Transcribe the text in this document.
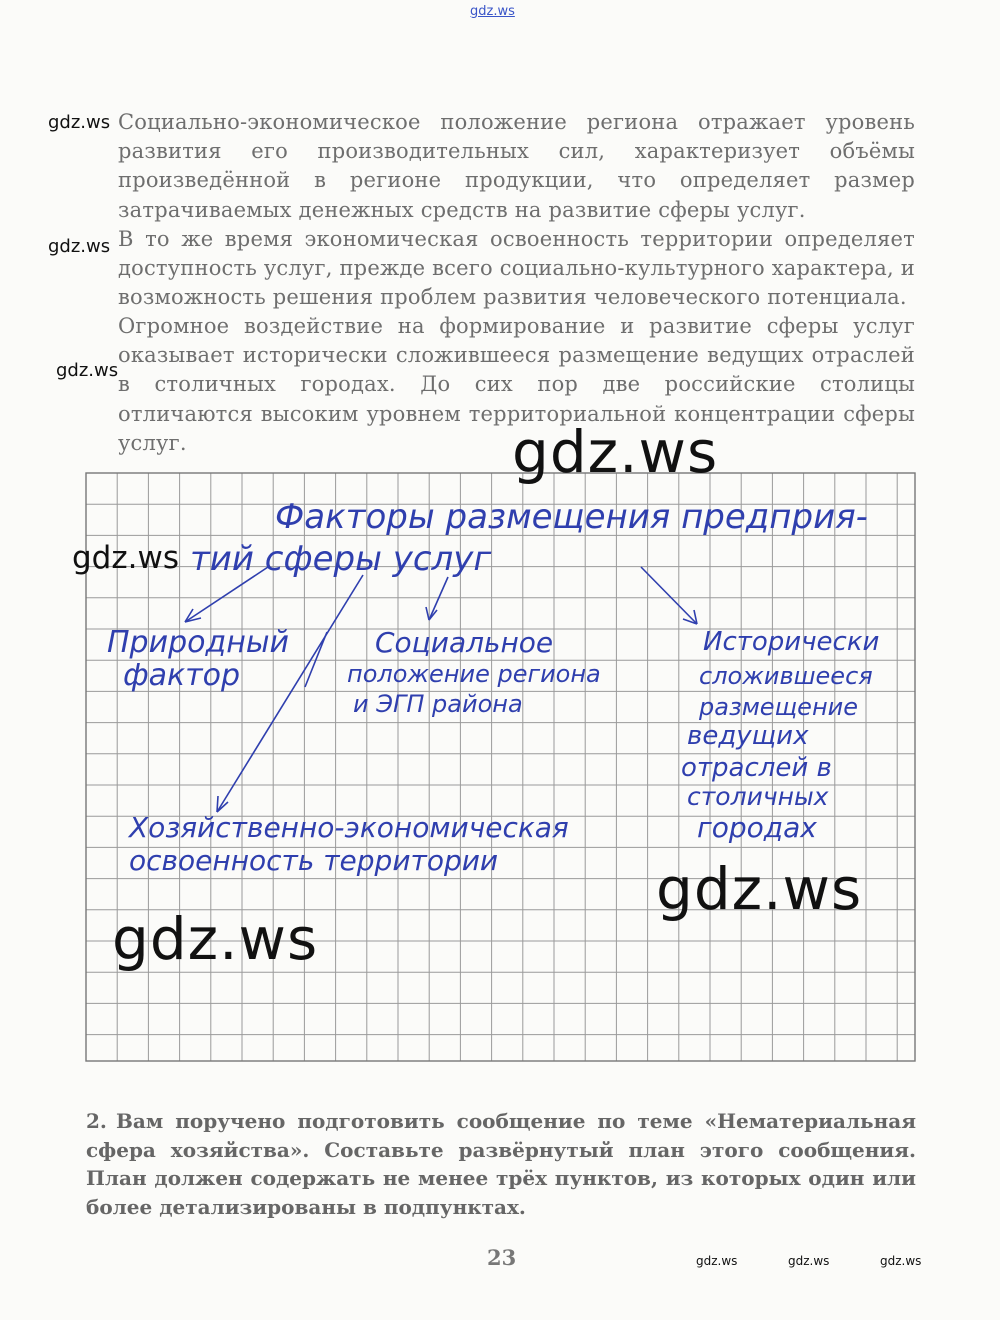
gdz.ws
gdz.ws
gdz.ws
gdz.ws

Социально-экономическое положение региона отражает уровень развития его производительных сил, характеризует объёмы произведённой в регионе продукции, что определяет размер затрачиваемых денежных средств на развитие сферы услуг.

В то же время экономическая освоенность территории определяет доступность услуг, прежде всего социально-культурного характера, и возможность решения проблем развития человеческого потенциала.

Огромное воздействие на формирование и развитие сферы услуг оказывает исторически сложившееся размещение ведущих отраслей в столичных городах. До сих пор две российские столицы отличаются высоким уровнем территориальной концентрации сферы услуг.

Факторы размещения предприя-
тий сферы услуг
Природный
фактор
Социальное
положение региона
и ЭГП района
Исторически
сложившееся
размещение
ведущих
отраслей в
столичных
городах
Хозяйственно-экономическая
освоенность территории
gdz.ws
gdz.ws
gdz.ws
gdz.ws

2. Вам поручено подготовить сообщение по теме «Нематериальная сфера хозяйства». Составьте развёрнутый план этого сообщения. План должен содержать не менее трёх пунктов, из которых один или более детализированы в подпунктах.

23	gdz.ws	gdz.ws	gdz.ws
